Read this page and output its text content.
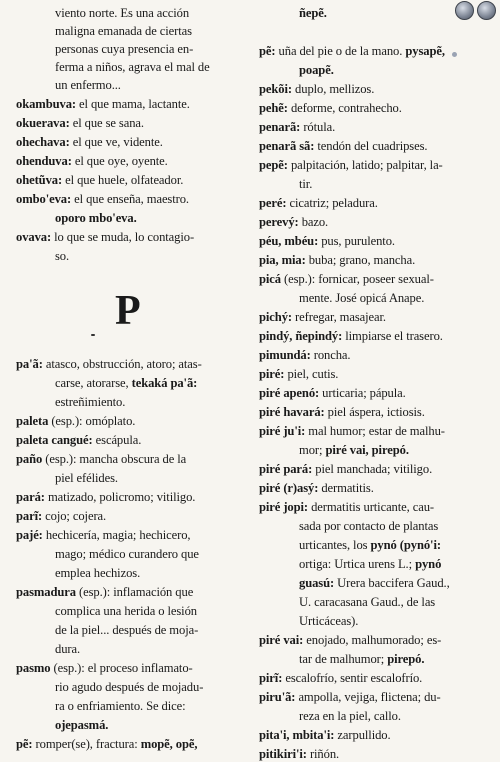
viento norte. Es una acción
maligna emanada de ciertas
personas cuya presencia en-
ferma a niños, agrava el mal de
un enfermo...
okambuva: el que mama, lactante.
okuerava: el que se sana.
ohechava: el que ve, vidente.
ohenduva: el que oye, oyente.
ohetũva: el que huele, olfateador.
ombo'eva: el que enseña, maestro.
oporo mbo'eva.
ovava: lo que se muda, lo contagio-
so.
pa'ã: atasco, obstrucción, atoro; atas-
carse, atorarse, tekaká pa'ã:
estreñimiento.
paleta (esp.): omóplato.
paleta cangué: escápula.
paño (esp.): mancha obscura de la
piel efélides.
pará: matizado, policromo; vitiligo.
parĩ: cojo; cojera.
pajé: hechicería, magia; hechicero,
mago; médico curandero que
emplea hechizos.
pasmadura (esp.): inflamación que
complica una herida o lesión
de la piel... después de moja-
dura.
pasmo (esp.): el proceso inflamato-
rio agudo después de mojadu-
ra o enfriamiento. Se dice:
ojepasmá.
pẽ: romper(se), fractura: mopẽ, opẽ,
P
ñepẽ.
pẽ: uña del pie o de la mano. pysapẽ,
poapẽ.
pekõi: duplo, mellizos.
pehẽ: deforme, contrahecho.
penarã: rótula.
penarã sã: tendón del cuadripses.
pepẽ: palpitación, latido; palpitar, la-
tir.
peré: cicatriz; peladura.
perevý: bazo.
péu, mbéu: pus, purulento.
pia, mia: buba; grano, mancha.
picá (esp.): fornicar, poseer sexual-
mente. José opicá Anape.
pichý: refregar, masajear.
pindý, ñepindý: limpiarse el trasero.
pimundá: roncha.
piré: piel, cutis.
piré apenó: urticaria; pápula.
piré havará: piel áspera, ictiosis.
piré ju'i: mal humor; estar de malhu-
mor; piré vai, pirepó.
piré pará: piel manchada; vitiligo.
piré (r)asý: dermatitis.
piré jopi: dermatitis urticante, cau-
sada por contacto de plantas
urticantes, los pynó (pynó'i:
ortiga: Urtica urens L.; pynó
guasú: Urera baccifera Gaud.,
U. caracasana Gaud., de las
Urticáceas).
piré vai: enojado, malhumorado; es-
tar de malhumor; pirepó.
pirĩ: escalofrío, sentir escalofrío.
piru'ã: ampolla, vejiga, flictena; du-
reza en la piel, callo.
pita'i, mbita'i: zarpullido.
pitikiri'i: riñón.
